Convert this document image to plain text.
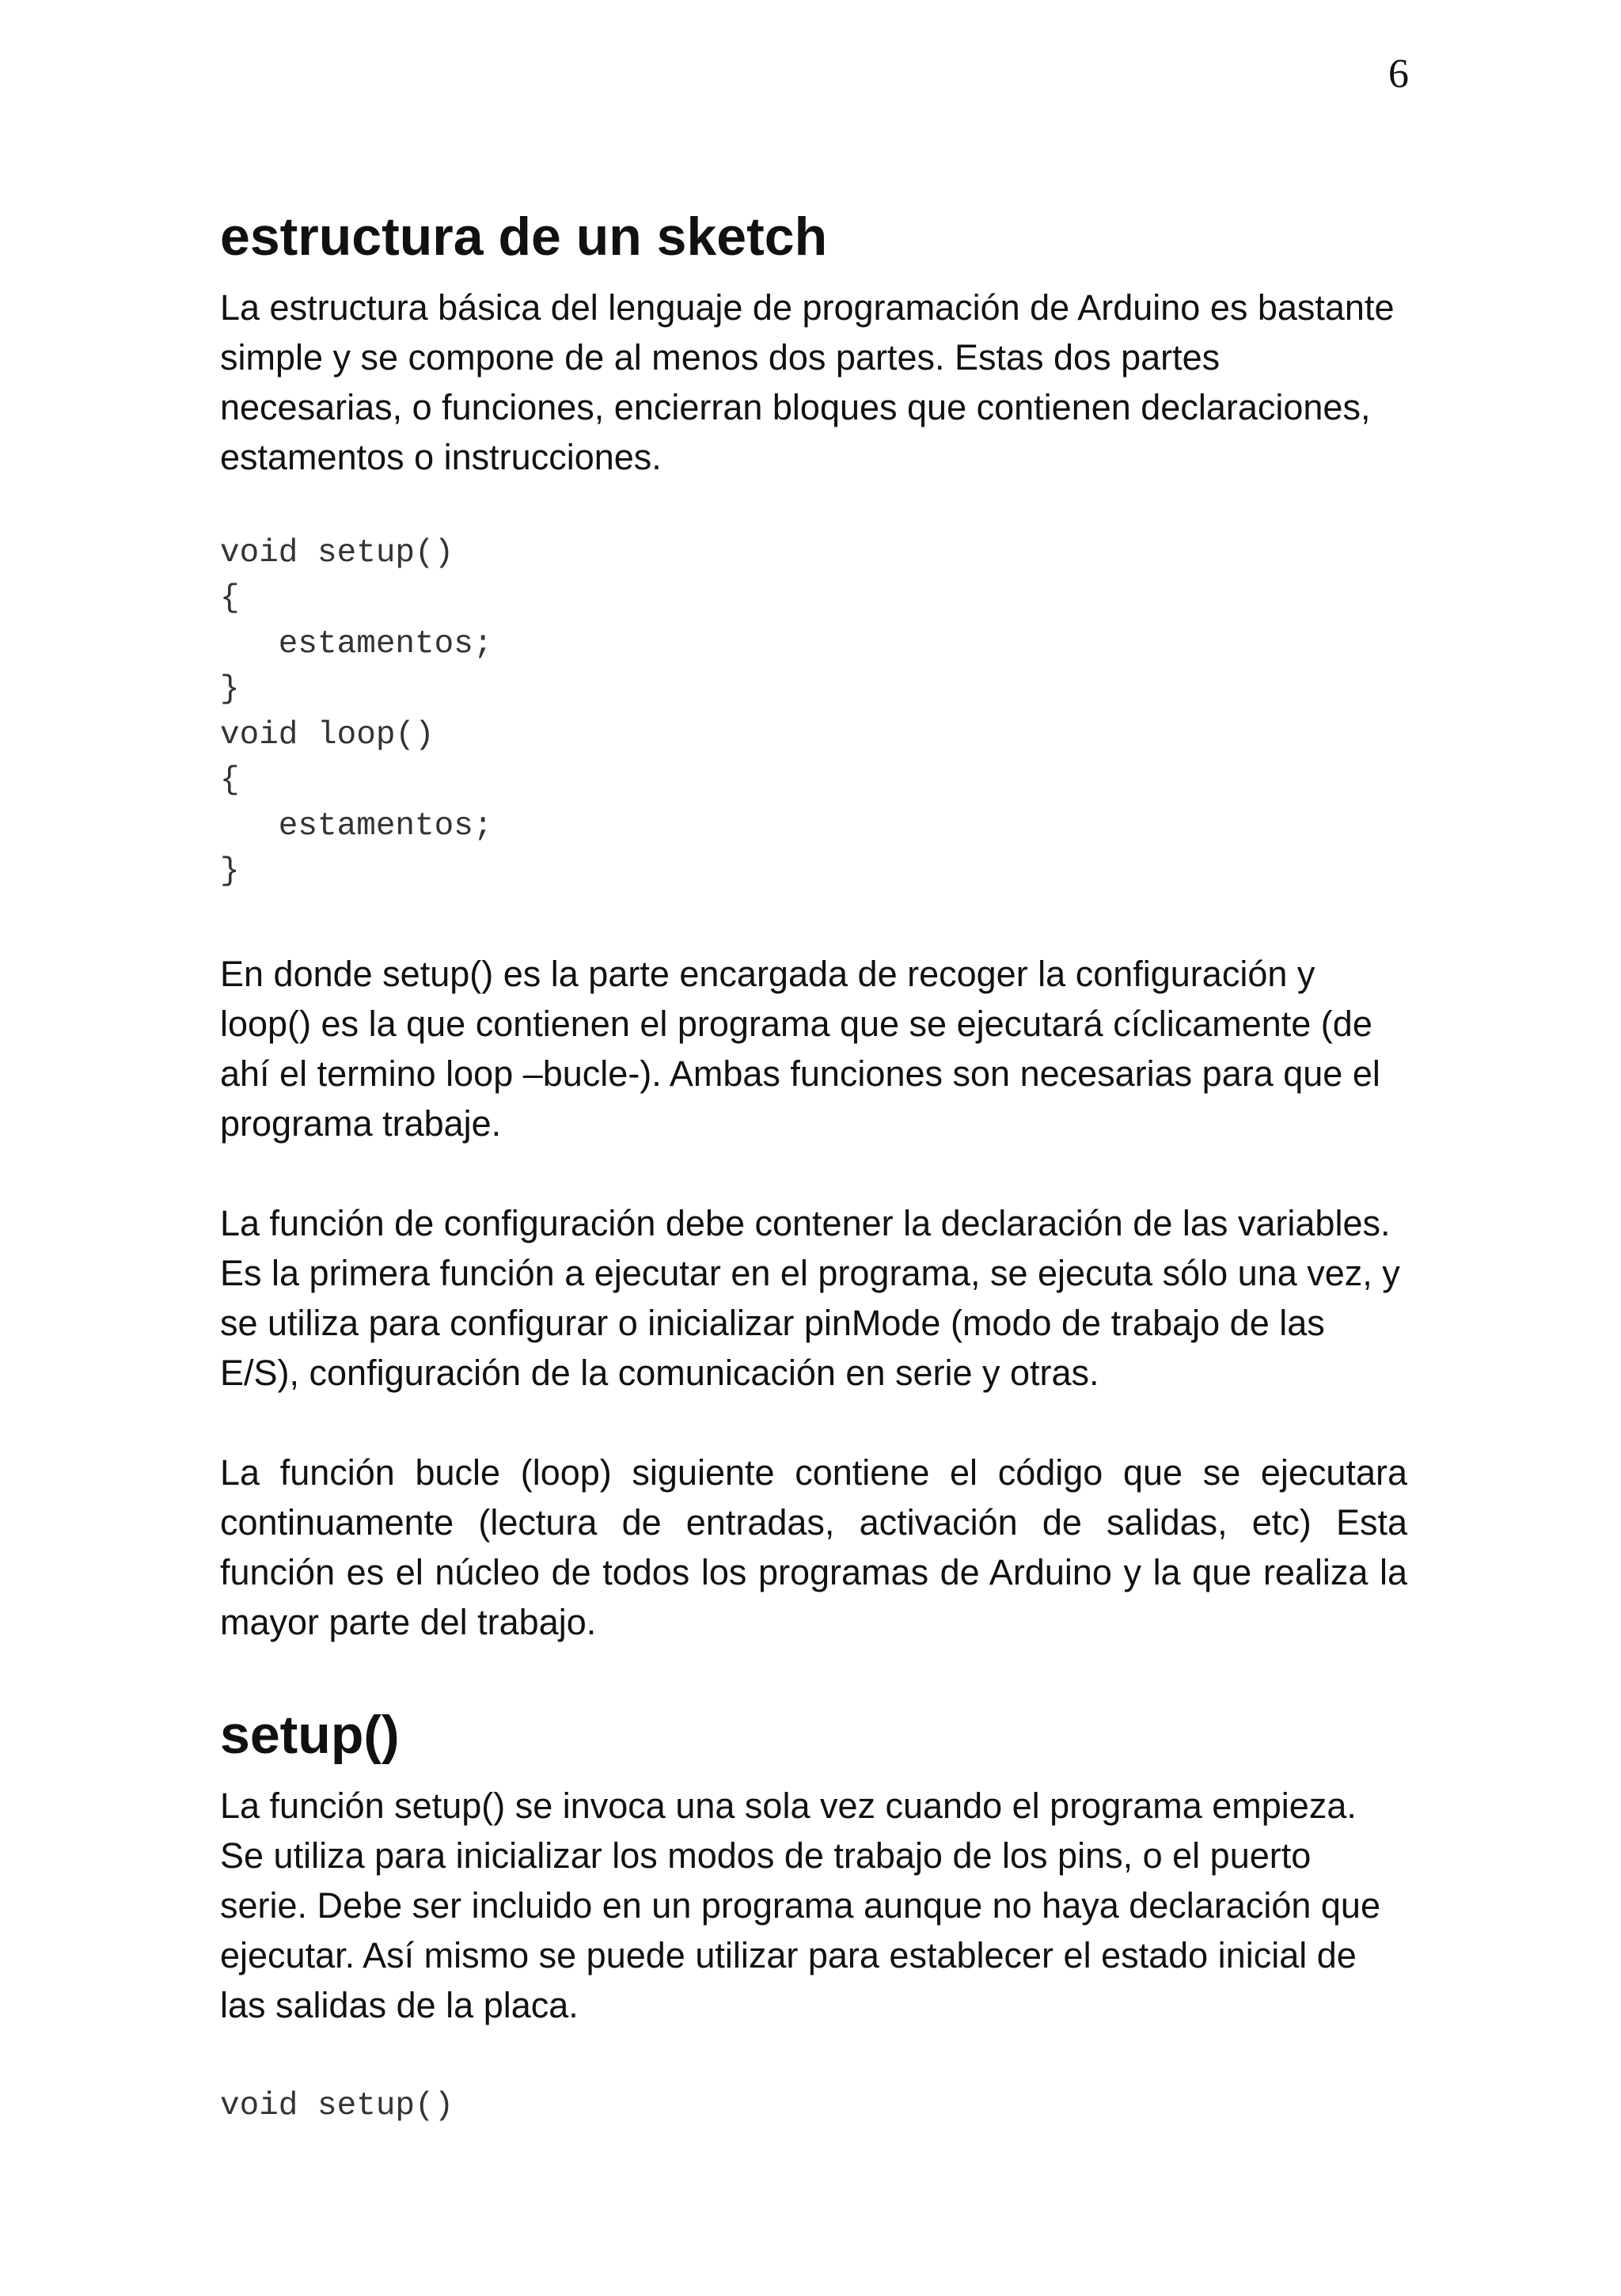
6
estructura de un sketch

La estructura básica del lenguaje de programación de Arduino es bastante simple y se compone de al menos dos partes. Estas dos partes necesarias, o funciones, encierran bloques que contienen declaraciones, estamentos o instrucciones.

void setup()
{
estamentos;
}
void loop()
{
estamentos;
}

En donde setup() es la parte encargada de recoger la configuración y loop() es la que contienen el programa que se ejecutará cíclicamente (de ahí el termino loop –bucle-). Ambas funciones son necesarias para que el programa trabaje.

La función de configuración debe contener la declaración de las variables. Es la primera función a ejecutar en el programa, se ejecuta sólo una vez, y se utiliza para configurar o inicializar pinMode (modo de trabajo de las E/S), configuración de la comunicación en serie y otras.

La función bucle (loop) siguiente contiene el código que se ejecutara continuamente (lectura de entradas, activación de salidas, etc) Esta función es el núcleo de todos los programas de Arduino y la que realiza la mayor parte del trabajo.

setup()

La función setup() se invoca una sola vez cuando el programa empieza. Se utiliza para inicializar los modos de trabajo de los pins, o el puerto serie. Debe ser incluido en un programa aunque no haya declaración que ejecutar. Así mismo se puede utilizar para establecer el estado inicial de las salidas de la placa.

void setup()
